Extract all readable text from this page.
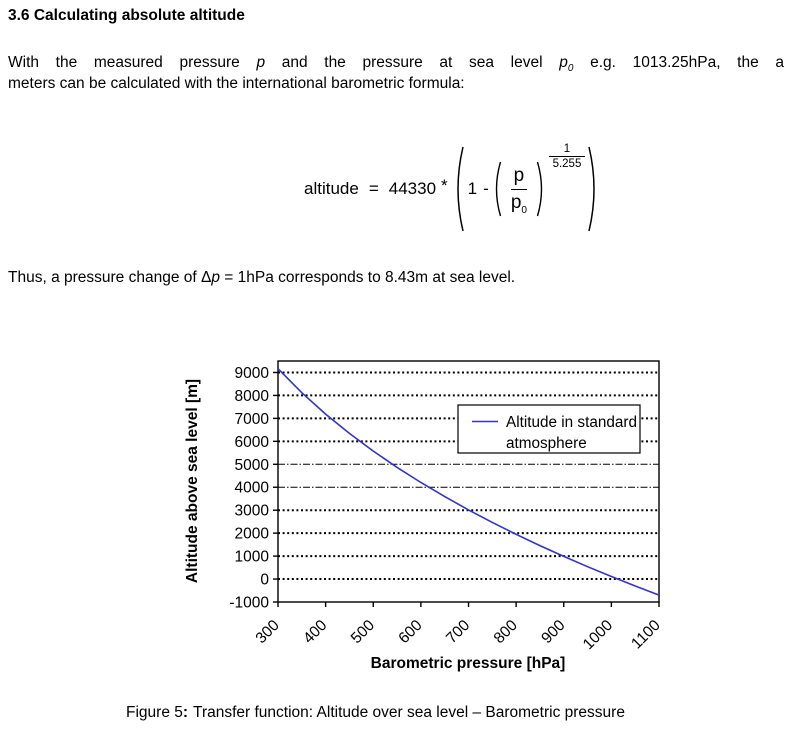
3.6 Calculating absolute altitude
With the measured pressure p and the pressure at sea level $p_0$ e.g. 1013.25hPa, the a
meters can be calculated with the international barometric formula:
altitude = $44330 * 1 - \frac{p}{p_0}$
1
5.255
Thus, a pressure change of Δp = 1hPa corresponds to 8.43m at sea level.
-1000
0
1000
2000
3000
4000
5000
6000
7000
8000
9000
300 400 500 600 700 800 900 1000 1100
Altitude in standard
atmosphere
Barometric pressure [hPa]
Altitude above sea level [m]
Figure 5: Transfer function: Altitude over sea level – Barometric pressure
